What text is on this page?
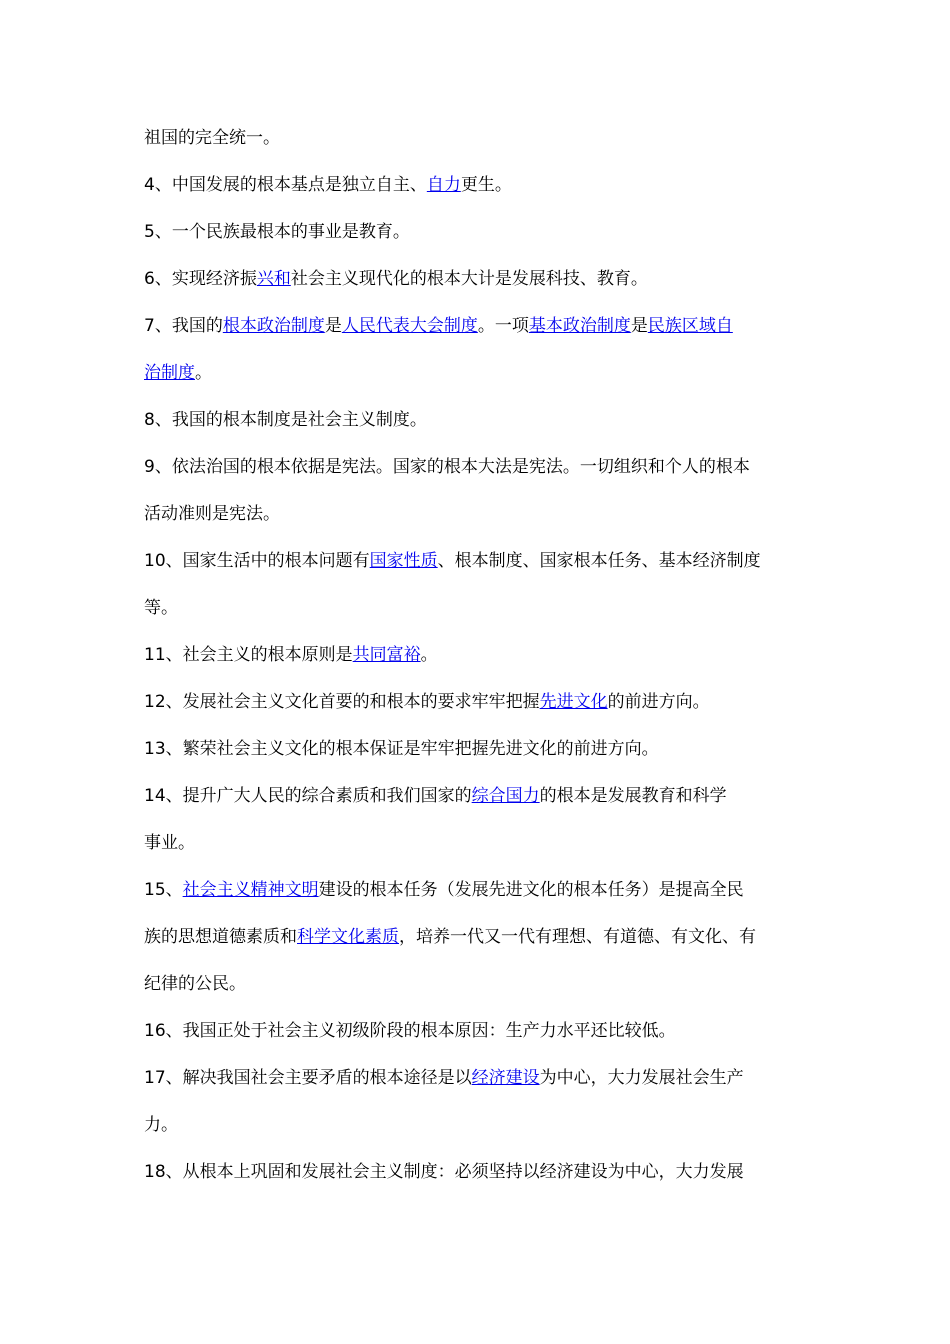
祖国的完全统一。
4、中国发展的根本基点是独立自主、自力更生。
5、一个民族最根本的事业是教育。
6、实现经济振兴和社会主义现代化的根本大计是发展科技、教育。
7、我国的根本政治制度是人民代表大会制度。一项基本政治制度是民族区域自
治制度。
8、我国的根本制度是社会主义制度。
9、依法治国的根本依据是宪法。国家的根本大法是宪法。一切组织和个人的根本
活动准则是宪法。
10、国家生活中的根本问题有国家性质、根本制度、国家根本任务、基本经济制度
等。
11、社会主义的根本原则是共同富裕。
12、发展社会主义文化首要的和根本的要求牢牢把握先进文化的前进方向。
13、繁荣社会主义文化的根本保证是牢牢把握先进文化的前进方向。
14、提升广大人民的综合素质和我们国家的综合国力的根本是发展教育和科学
事业。
15、社会主义精神文明建设的根本任务（发展先进文化的根本任务）是提高全民
族的思想道德素质和科学文化素质，培养一代又一代有理想、有道德、有文化、有
纪律的公民。
16、我国正处于社会主义初级阶段的根本原因：生产力水平还比较低。
17、解决我国社会主要矛盾的根本途径是以经济建设为中心，大力发展社会生产
力。
18、从根本上巩固和发展社会主义制度：必须坚持以经济建设为中心，大力发展
